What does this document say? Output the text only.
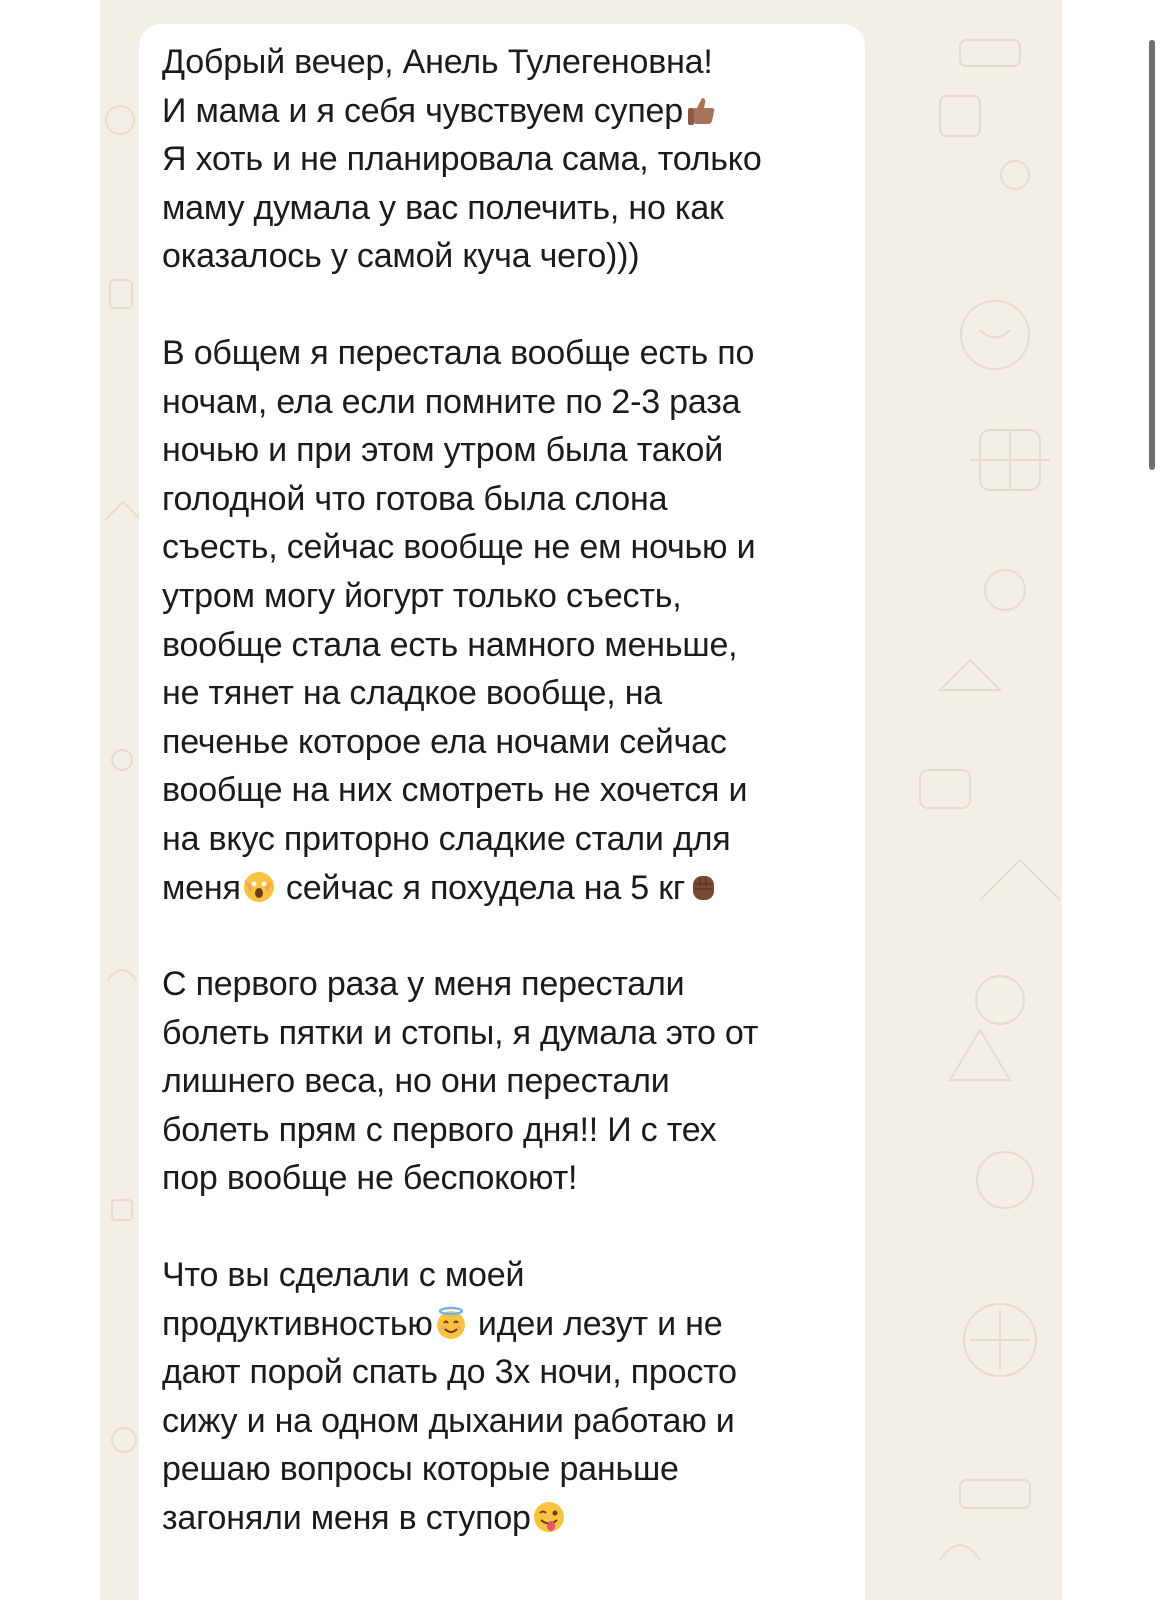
Добрый вечер, Анель Тулегеновна!
И мама и я себя чувствуем супер
Я хоть и не планировала сама, только
маму думала у вас полечить, но как
оказалось у самой куча чего)))

В общем я перестала вообще есть по
ночам, ела если помните по 2-3 раза
ночью и при этом утром была такой
голодной что готова была слона
съесть, сейчас вообще не ем ночью и
утром могу йогурт только съесть,
вообще стала есть намного меньше,
не тянет на сладкое вообще, на
печенье которое ела ночами сейчас
вообще на них смотреть не хочется и
на вкус приторно сладкие стали для
меня сейчас я похудела на 5 кг

С первого раза у меня перестали
болеть пятки и стопы, я думала это от
лишнего веса, но они перестали
болеть прям с первого дня!! И с тех
пор вообще не беспокоют!

Что вы сделали с моей
продуктивностью идеи лезут и не
дают порой спать до 3х ночи, просто
сижу и на одном дыхании работаю и
решаю вопросы которые раньше
загоняли меня в ступор
